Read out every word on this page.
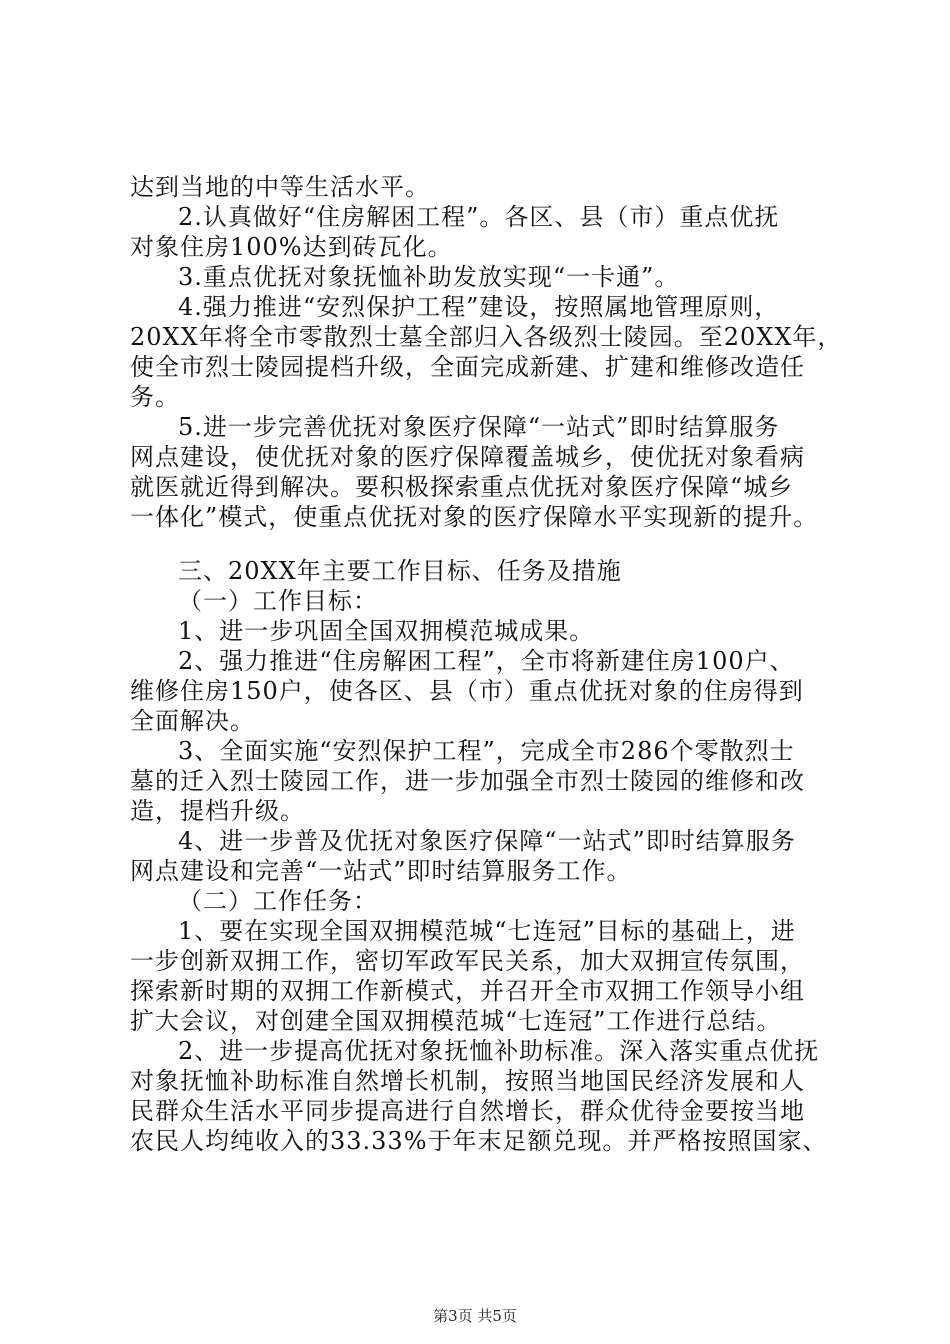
达到当地的中等生活水平。
2.认真做好“住房解困工程”。各区、县（市）重点优抚
对象住房100%达到砖瓦化。
3.重点优抚对象抚恤补助发放实现“一卡通”。
4.强力推进“安烈保护工程”建设，按照属地管理原则，
20XX年将全市零散烈士墓全部归入各级烈士陵园。至20XX年，
使全市烈士陵园提档升级，全面完成新建、扩建和维修改造任
务。
5.进一步完善优抚对象医疗保障“一站式”即时结算服务
网点建设，使优抚对象的医疗保障覆盖城乡，使优抚对象看病
就医就近得到解决。要积极探索重点优抚对象医疗保障“城乡
一体化”模式，使重点优抚对象的医疗保障水平实现新的提升。
三、20XX年主要工作目标、任务及措施
（一）工作目标：
1、进一步巩固全国双拥模范城成果。
2、强力推进“住房解困工程”，全市将新建住房100户、
维修住房150户，使各区、县（市）重点优抚对象的住房得到
全面解决。
3、全面实施“安烈保护工程”，完成全市286个零散烈士
墓的迁入烈士陵园工作，进一步加强全市烈士陵园的维修和改
造，提档升级。
4、进一步普及优抚对象医疗保障“一站式”即时结算服务
网点建设和完善“一站式”即时结算服务工作。
（二）工作任务：
1、要在实现全国双拥模范城“七连冠”目标的基础上，进
一步创新双拥工作，密切军政军民关系，加大双拥宣传氛围，
探索新时期的双拥工作新模式，并召开全市双拥工作领导小组
扩大会议，对创建全国双拥模范城“七连冠”工作进行总结。
2、进一步提高优抚对象抚恤补助标准。深入落实重点优抚
对象抚恤补助标准自然增长机制，按照当地国民经济发展和人
民群众生活水平同步提高进行自然增长，群众优待金要按当地
农民人均纯收入的33.33%于年末足额兑现。并严格按照国家、
第3页 共5页
